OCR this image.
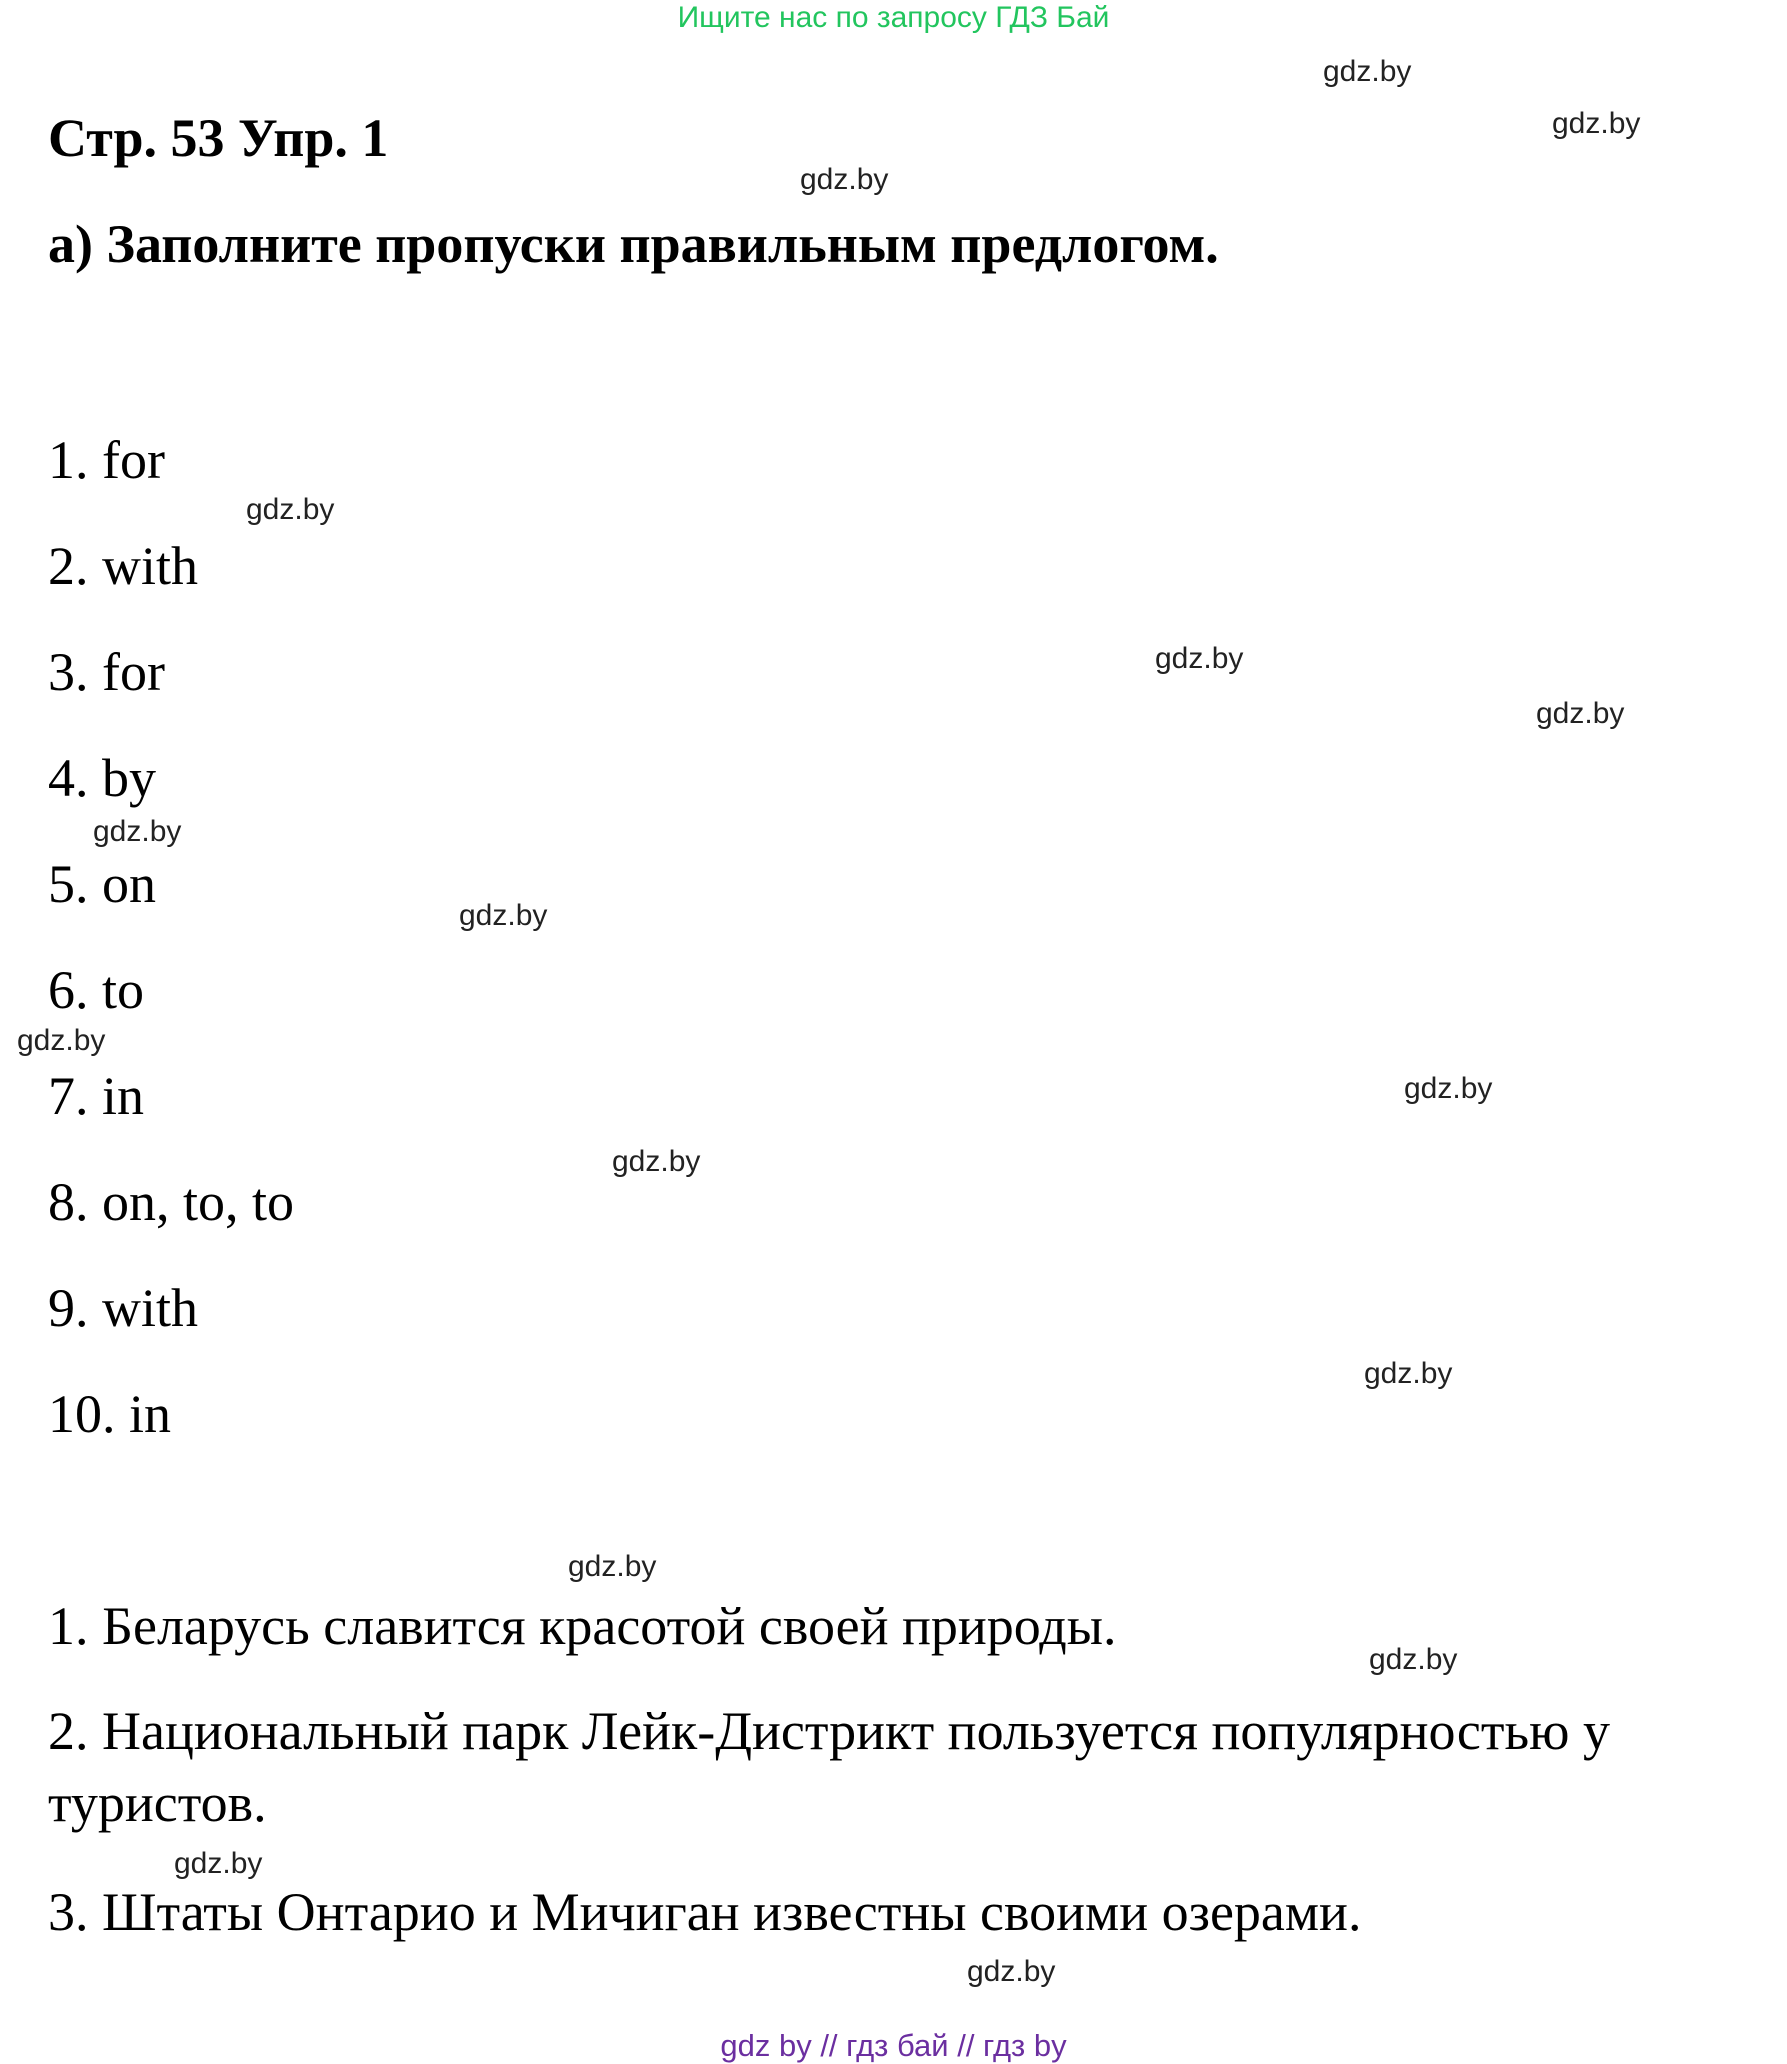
Ищите нас по запросу ГДЗ Бай
Стр. 53 Упр. 1
a) Заполните пропуски правильным предлогом.
1. for
2. with
3. for
4. by
5. on
6. to
7. in
8. on, to, to
9. with
10. in
1. Беларусь славится красотой своей природы.
2. Национальный парк Лейк-Дистрикт пользуется популярностью у туристов.
3. Штаты Онтарио и Мичиган известны своими озерами.
gdz.by
gdz.by
gdz.by
gdz.by
gdz.by
gdz.by
gdz.by
gdz.by
gdz.by
gdz.by
gdz.by
gdz.by
gdz.by
gdz.by
gdz.by
gdz.by
gdz by // гдз бай // гдз by
